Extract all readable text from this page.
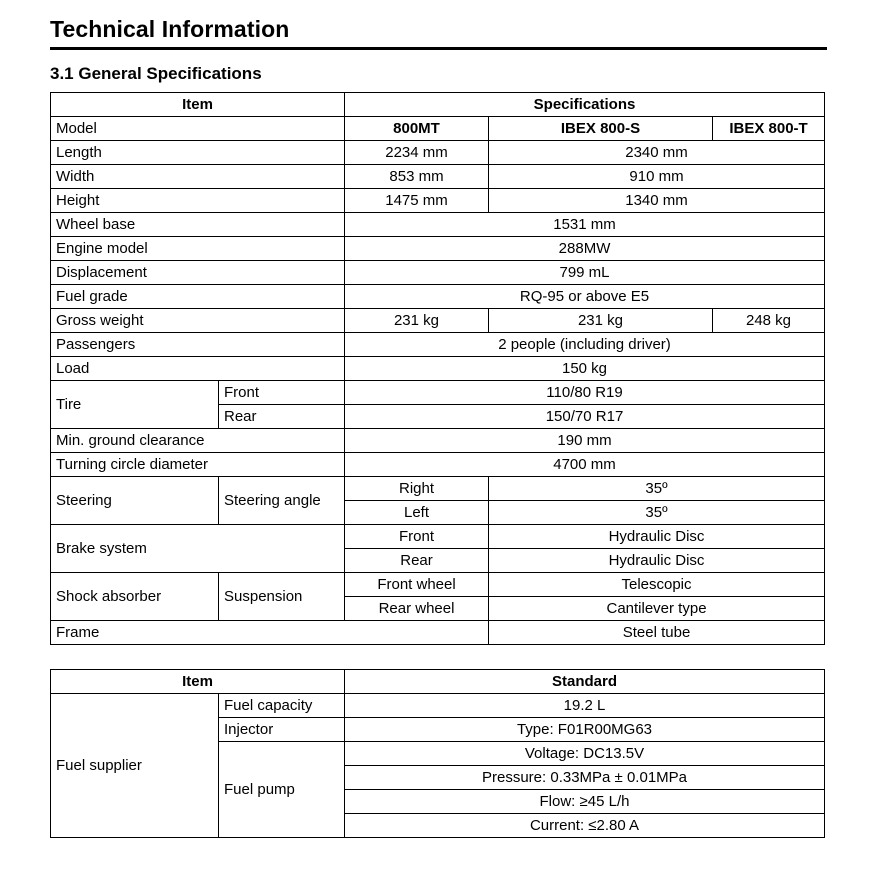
Technical Information
3.1 General Specifications
Item		Specifications		
Model		800MT	IBEX 800-S	IBEX 800-T
Length		2234 mm	2340 mm	
Width		853 mm	910 mm	
Height		1475 mm	1340 mm	
Wheel base		1531 mm		
Engine model		288MW		
Displacement		799 mL		
Fuel grade		RQ-95 or above E5		
Gross weight		231 kg	231 kg	248 kg
Passengers		2 people (including driver)		
Load		150 kg		
Tire	Front	110/80 R19		
	Rear	150/70 R17		
Min. ground clearance		190 mm		
Turning circle diameter		4700 mm		
Steering	Steering angle	Right	35º	
		Left	35º	
Brake system		Front	Hydraulic Disc	
		Rear	Hydraulic Disc	
Shock absorber	Suspension	Front wheel	Telescopic	
		Rear wheel	Cantilever type	
Frame			Steel tube	
Item		Standard
Fuel supplier	Fuel capacity	19.2 L
	Injector	Type: F01R00MG63
	Fuel pump	Voltage: DC13.5V
		Pressure: 0.33MPa ± 0.01MPa
		Flow: ≥45 L/h
		Current: ≤2.80 A
